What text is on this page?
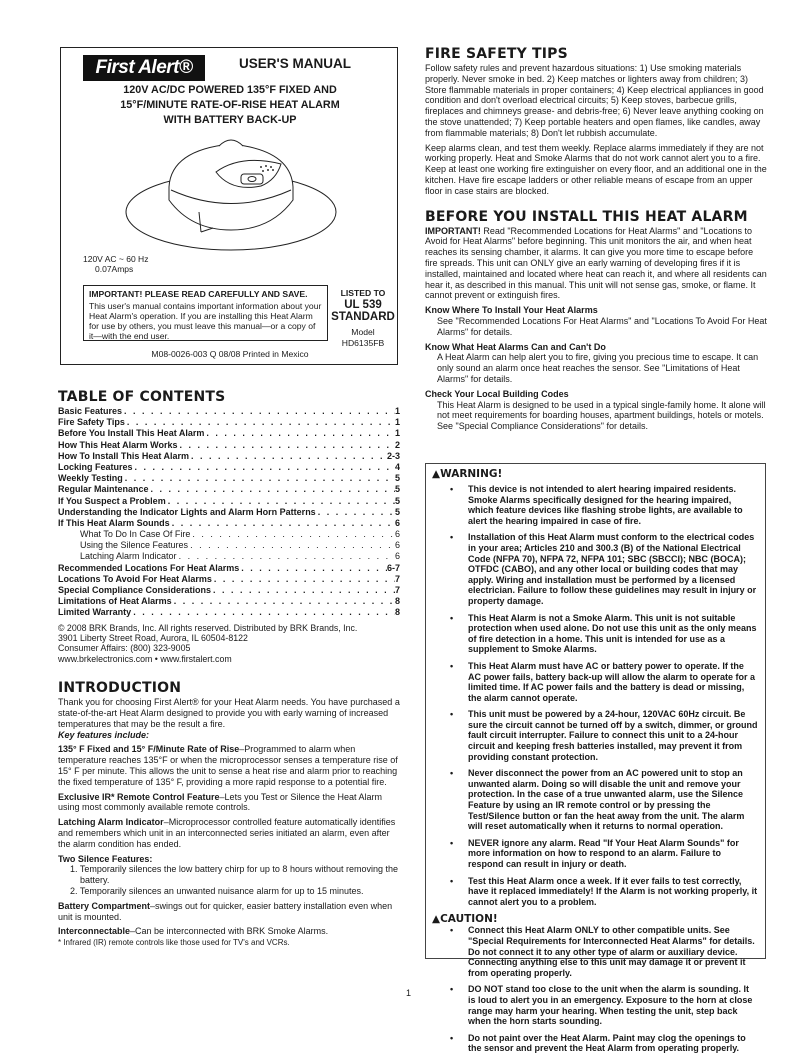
First Alert®	USER'S MANUAL
120V AC/DC POWERED 135°F FIXED AND
15°F/MINUTE RATE-OF-RISE HEAT ALARM
WITH BATTERY BACK-UP
120V AC ~ 60 Hz
0.07Amps
IMPORTANT! PLEASE READ CAREFULLY AND SAVE.
This user's manual contains important information about your Heat Alarm's operation. If you are installing this Heat Alarm for use by others, you must leave this manual—or a copy of it—with the end user.
LISTED TO
UL 539
STANDARD
Model
HD6135FB
M08-0026-003 Q 08/08 Printed in Mexico
TABLE OF CONTENTS
Basic Features . . .	1
Fire Safety Tips . . .	1
Before You Install This Heat Alarm . . .	1
How This Heat Alarm Works . . .	2
How To Install This Heat Alarm . . .	2-3
Locking Features . . .	4
Weekly Testing . . .	5
Regular Maintenance . . .	5
If You Suspect a Problem . . .	5
Understanding the Indicator Lights and Alarm Horn Patterns . . .	5
If This Heat Alarm Sounds . . .	6
What To Do In Case Of Fire . . .	6
Using the Silence Features . . .	6
Latching Alarm Indicator . . .	6
Recommended Locations For Heat Alarms . . .	6-7
Locations To Avoid For Heat Alarms . . .	7
Special Compliance Considerations . . .	7
Limitations of Heat Alarms . . .	8
Limited Warranty . . .	8
© 2008 BRK Brands, Inc. All rights reserved. Distributed by BRK Brands, Inc.
3901 Liberty Street Road, Aurora, IL 60504-8122
Consumer Affairs: (800) 323-9005
www.brkelectronics.com • www.firstalert.com
INTRODUCTION

Thank you for choosing First Alert® for your Heat Alarm needs. You have purchased a state-of-the-art Heat Alarm designed to provide you with early warning of increased temperatures that may be the result a fire.

Key features include:

135° F Fixed and 15° F/Minute Rate of Rise–Programmed to alarm when temperature reaches 135°F or when the microprocessor senses a temperature rise of 15° F per minute. This allows the unit to sense a heat rise and alarm prior to reaching the fixed temperature of 135° F, providing a more rapid response to a potential fire.

Exclusive IR* Remote Control Feature–Lets you Test or Silence the Heat Alarm using most commonly available remote controls.

Latching Alarm Indicator–Microprocessor controlled feature automatically identifies and remembers which unit in an interconnected series initiated an alarm, even after the alarm condition has ended.

Two Silence Features:
1. Temporarily silences the low battery chirp for up to 8 hours without removing the battery.

2. Temporarily silences an unwanted nuisance alarm for up to 15 minutes.

Battery Compartment–swings out for quicker, easier battery installation even when unit is mounted.

Interconnectable–Can be interconnected with BRK Smoke Alarms.

* Infrared (IR) remote controls like those used for TV's and VCRs.
FIRE SAFETY TIPS

Follow safety rules and prevent hazardous situations: 1) Use smoking materials properly. Never smoke in bed. 2) Keep matches or lighters away from children; 3) Store flammable materials in proper containers; 4) Keep electrical appliances in good condition and don't overload electrical circuits; 5) Keep stoves, barbecue grills, fireplaces and chimneys grease- and debris-free; 6) Never leave anything cooking on the stove unattended; 7) Keep portable heaters and open flames, like candles, away from flammable materials; 8) Don't let rubbish accumulate.

Keep alarms clean, and test them weekly. Replace alarms immediately if they are not working properly. Heat and Smoke Alarms that do not work cannot alert you to a fire. Keep at least one working fire extinguisher on every floor, and an additional one in the kitchen. Have fire escape ladders or other reliable means of escape from an upper floor in case stairs are blocked.

BEFORE YOU INSTALL THIS HEAT ALARM

IMPORTANT! Read "Recommended Locations for Heat Alarms" and "Locations to Avoid for Heat Alarms" before beginning. This unit monitors the air, and when heat reaches its sensing chamber, it alarms. It can give you more time to escape before fire spreads. This unit can ONLY give an early warning of developing fires if it is installed, maintained and located where heat can reach it, and where all residents can hear it, as described in this manual. This unit will not sense gas, smoke, or flame. It cannot prevent or extinguish fires.

Know Where To Install Your Heat Alarms
See "Recommended Locations For Heat Alarms" and "Locations To Avoid For Heat Alarms" for details.
Know What Heat Alarms Can and Can't Do
A Heat Alarm can help alert you to fire, giving you precious time to escape. It can only sound an alarm once heat reaches the sensor. See "Limitations of Heat Alarms" for details.
Check Your Local Building Codes
This Heat Alarm is designed to be used in a typical single-family home. It alone will not meet requirements for boarding houses, apartment buildings, hotels or motels. See "Special Compliance Considerations" for details.
▲WARNING!
•	This device is not intended to alert hearing impaired residents. Smoke Alarms specifically designed for the hearing impaired, which feature devices like flashing strobe lights, are available to alert the hearing impaired in case of fire.
•	Installation of this Heat Alarm must conform to the electrical codes in your area; Articles 210 and 300.3 (B) of the National Electrical Code (NFPA 70), NFPA 72, NFPA 101; SBC (SBCCI); NBC (BOCA); OTFDC (CABO), and any other local or building codes that may apply. Wiring and installation must be performed by a licensed electrician. Failure to follow these guidelines may result in injury or property damage.
•	This Heat Alarm is not a Smoke Alarm. This unit is not suitable protection when used alone. Do not use this unit as the only means of fire detection in a home. This unit is intended for use as a supplement to Smoke Alarms.
•	This Heat Alarm must have AC or battery power to operate. If the AC power fails, battery back-up will allow the alarm to operate for a limited time. If AC power fails and the battery is dead or missing, the alarm cannot operate.
•	This unit must be powered by a 24-hour, 120VAC 60Hz circuit. Be sure the circuit cannot be turned off by a switch, dimmer, or ground fault circuit interrupter. Failure to connect this unit to a 24-hour circuit and keeping fresh batteries installed, may prevent it from providing constant protection.
•	Never disconnect the power from an AC powered unit to stop an unwanted alarm. Doing so will disable the unit and remove your protection. In the case of a true unwanted alarm, use the Silence Feature by using an IR remote control or by pressing the Test/Silence button or fan the heat away from the unit. The alarm will reset automatically when it returns to normal operation.
•	NEVER ignore any alarm. Read "If Your Heat Alarm Sounds" for more information on how to respond to an alarm. Failure to respond can result in injury or death.
•	Test this Heat Alarm once a week. If it ever fails to test correctly, have it replaced immediately! If the Alarm is not working properly, it cannot alert you to a problem.
▲CAUTION!
•	Connect this Heat Alarm ONLY to other compatible units. See "Special Requirements for Interconnected Heat Alarms" for details. Do not connect it to any other type of alarm or auxiliary device. Connecting anything else to this unit may damage it or prevent it from operating properly.
•	DO NOT stand too close to the unit when the alarm is sounding. It is loud to alert you in an emergency. Exposure to the horn at close range may harm your hearing. When testing the unit, step back when the horn starts sounding.
•	Do not paint over the Heat Alarm. Paint may clog the openings to the sensor and prevent the Heat Alarm from operating properly.
1
